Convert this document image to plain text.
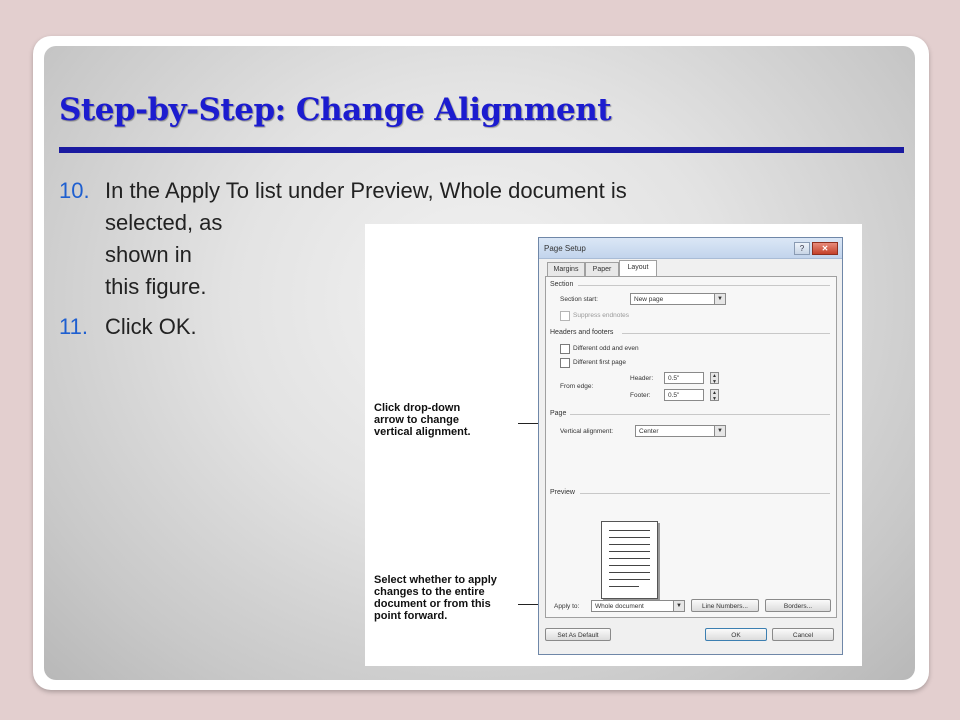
Step-by-Step: Change Alignment
10. In the Apply To list under Preview, Whole document is
selected, as
shown in
this figure.
11. Click OK.
Click drop-down
arrow to change
vertical alignment.
Select whether to apply
changes to the entire
document or from this
point forward.
Page Setup	?	✕
Margins	Paper	Layout
Section
Section start:	New page	▼
Suppress endnotes
Headers and footers
Different odd and even
Different first page
From edge:
Header:	0.5"	▲
▼
Footer:	0.5"	▲
▼
Page
Vertical alignment:	Center	▼
Preview
Apply to:	Whole document	▼	Line Numbers...	Borders...
Set As Default	OK	Cancel
